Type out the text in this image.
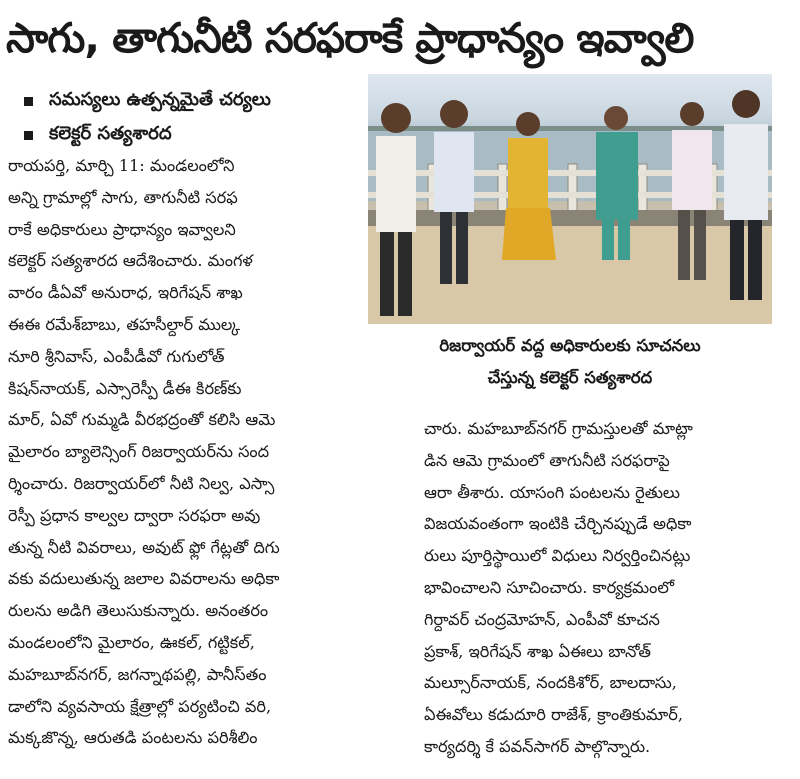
సాగు, తాగునీటి సరఫరాకే ప్రాధాన్యం ఇవ్వాలి
సమస్యలు ఉత్పన్నమైతే చర్యలు
కలెక్టర్ సత్యశారద

రాయపర్తి, మార్చి 11: మండలంలోని

అన్ని గ్రామాల్లో సాగు, తాగునీటి సరఫ

రాకే అధికారులు ప్రాధాన్యం ఇవ్వాలని

కలెక్టర్ సత్యశారద ఆదేశించారు. మంగళ

వారం డీఏవో అనురాధ, ఇరిగేషన్ శాఖ

ఈఈ రమేశ్‌బాబు, తహసీల్దార్ ముల్క

నూరి శ్రీనివాస్, ఎంపీడీవో గుగులోత్

కిషన్‌నాయక్, ఎస్సారెస్పీ డీఈ కిరణ్‌కు

మార్, ఏవో గుమ్మడి వీరభద్రంతో కలిసి ఆమె

మైలారం బ్యాలెన్సింగ్ రిజర్వాయర్‌ను సంద

ర్శించారు. రిజర్వాయర్‌లో నీటి నిల్వ, ఎస్సా

రెస్పీ ప్రధాన కాల్వల ద్వారా సరఫరా అవు

తున్న నీటి వివరాలు, అవుట్ ఫ్లో గేట్లతో దిగు

వకు వదులుతున్న జలాల వివరాలను అధికా

రులను అడిగి తెలుసుకున్నారు. అనంతరం

మండలంలోని మైలారం, ఊకల్, గట్టికల్,

మహబూబ్‌నగర్, జగన్నాథపల్లి, పానీస్‌తం

డాలోని వ్యవసాయ క్షేత్రాల్లో పర్యటించి వరి,

మక్కజొన్న, ఆరుతడి పంటలను పరిశీలిం

రిజర్వాయర్ వద్ద అధికారులకు సూచనలు

చేస్తున్న కలెక్టర్ సత్యశారద

చారు. మహబూబ్‌నగర్ గ్రామస్తులతో మాట్లా

డిన ఆమె గ్రామంలో తాగునీటి సరఫరాపై

ఆరా తీశారు. యాసంగి పంటలను రైతులు

విజయవంతంగా ఇంటికి చేర్చినప్పుడే అధికా

రులు పూర్తిస్థాయిలో విధులు నిర్వర్తించినట్లు

భావించాలని సూచించారు. కార్యక్రమంలో

గిర్దావర్ చంద్రమోహన్, ఎంపీవో కూచన

ప్రకాశ్, ఇరిగేషన్ శాఖ ఏఈలు బానోత్

మల్సూర్‌నాయక్, నందకిశోర్, బాలదాసు,

ఏఈవోలు కడుదూరి రాజేశ్, క్రాంతికుమార్,

కార్యదర్శి కే పవన్‌సాగర్ పాల్గొన్నారు.
